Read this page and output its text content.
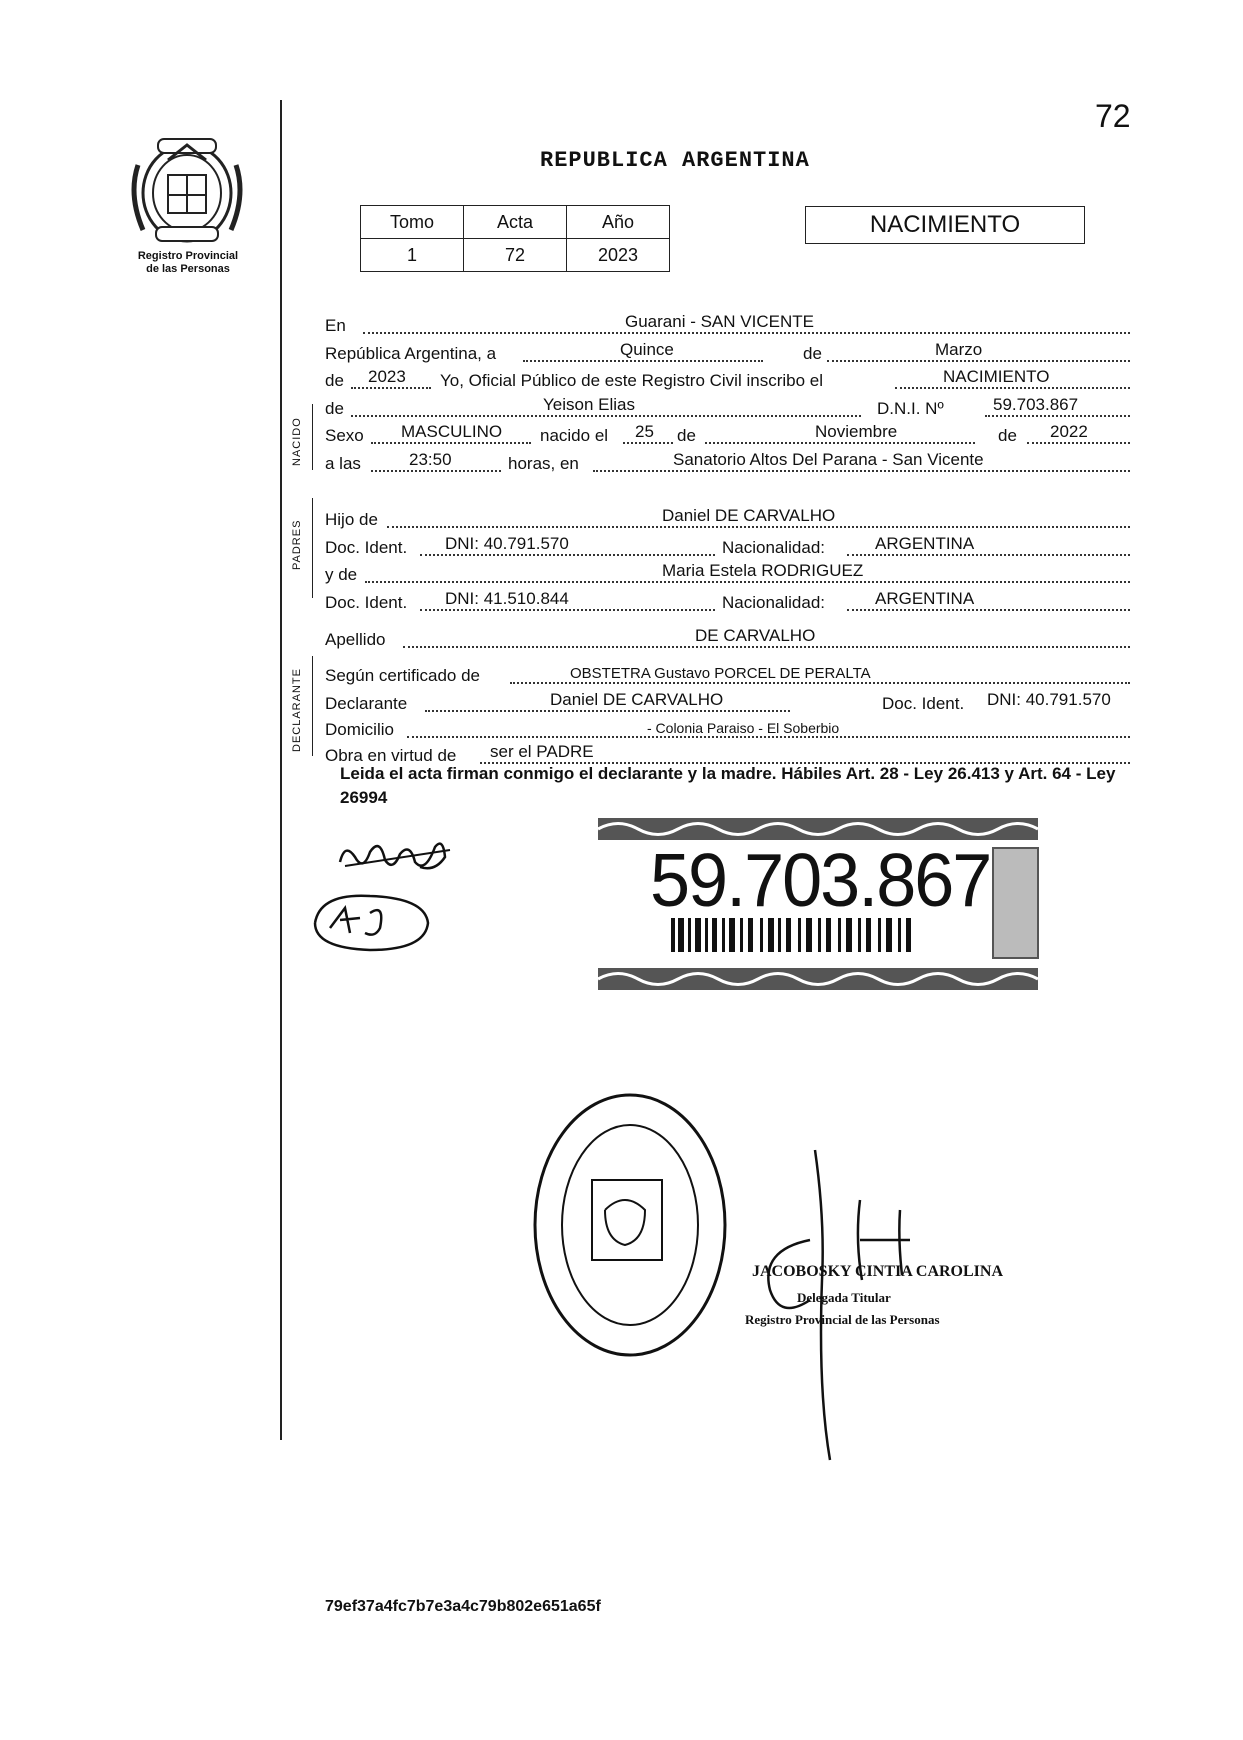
72
REPUBLICA ARGENTINA
Registro Provincial
de las Personas
Tomo	Acta	Año
1	72	2023
NACIMIENTO
En	Guarani - SAN VICENTE
República Argentina, a	Quince	de	Marzo
de 2023 Yo, Oficial Público de este Registro Civil inscribo el	NACIMIENTO
de	Yeison Elias	D.N.I. Nº	59.703.867
Sexo MASCULINO nacido el 25 de	Noviembre	de 2022
a las	23:50	horas, en	Sanatorio Altos Del Parana - San Vicente
Hijo de	Daniel DE CARVALHO
Doc. Ident. DNI: 40.791.570	Nacionalidad:	ARGENTINA
y de	Maria Estela RODRIGUEZ
Doc. Ident. DNI: 41.510.844	Nacionalidad:	ARGENTINA
Apellido	DE CARVALHO
Según certificado de	OBSTETRA Gustavo PORCEL DE PERALTA
Declarante	Daniel DE CARVALHO	Doc. Ident. DNI: 40.791.570
Domicilio	- Colonia Paraiso - El Soberbio
Obra en virtud de ser el PADRE
NACIDO
PADRES
DECLARANTE
Leida el acta firman conmigo el declarante y la madre. Hábiles Art. 28 - Ley 26.413 y Art. 64 - Ley 26994
59.703.867
JACOBOSKY CINTIA CAROLINA
Delegada Titular
Registro Provincial de las Personas
79ef37a4fc7b7e3a4c79b802e651a65f
